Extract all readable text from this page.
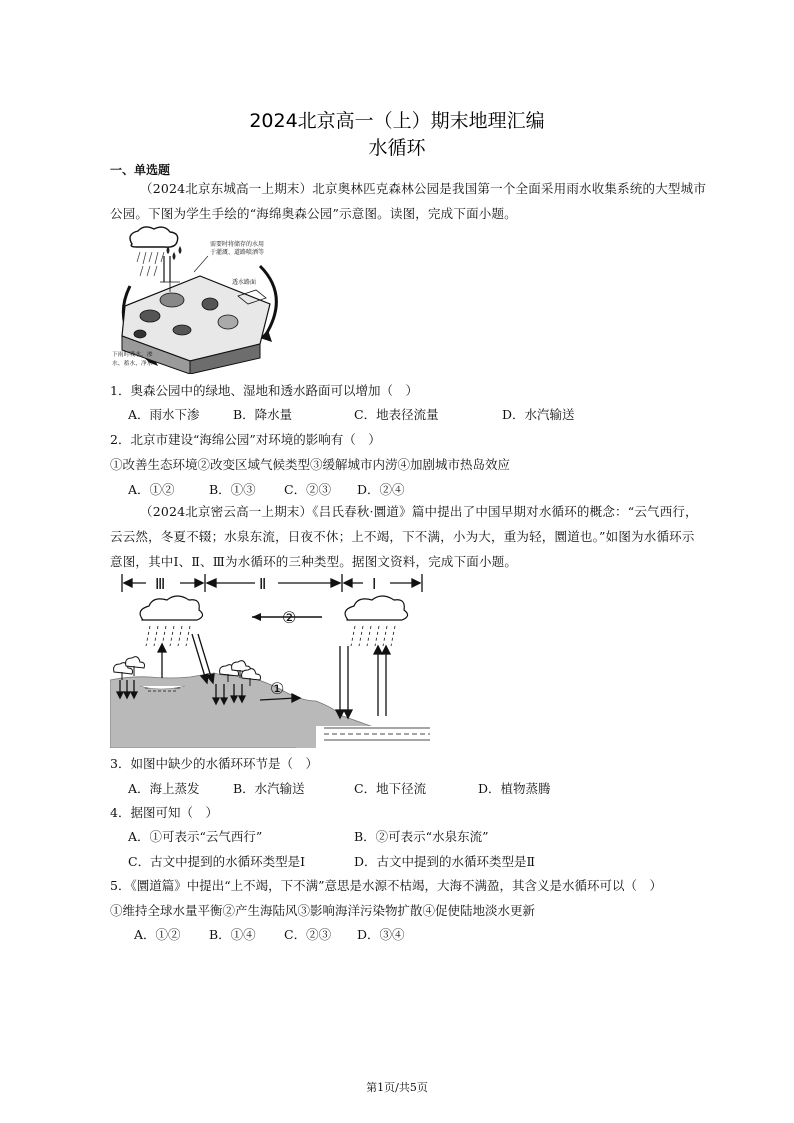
2024北京高一（上）期末地理汇编
水循环
一、单选题
（2024北京东城高一上期末）北京奥林匹克森林公园是我国第一个全面采用雨水收集系统的大型城市
公园。下图为学生手绘的“海绵奥森公园”示意图。读图，完成下面小题。
需要时将储存的水用
于灌溉、道路喷洒等
透水路面
下雨时吸水、渗
水、蓄水、净水
1．奥森公园中的绿地、湿地和透水路面可以增加（　）
A．雨水下渗	B．降水量	C．地表径流量	D．水汽输送
2．北京市建设“海绵公园”对环境的影响有（　）
①改善生态环境②改变区域气候类型③缓解城市内涝④加剧城市热岛效应
A．①②	B．①③ C．②③ D．②④
（2024北京密云高一上期末）《吕氏春秋·圜道》篇中提出了中国早期对水循环的概念：“云气西行，
云云然，冬夏不辍；水泉东流，日夜不休；上不竭，下不满，小为大，重为轻，圜道也。”如图为水循环示
意图，其中Ⅰ、Ⅱ、Ⅲ为水循环的三种类型。据图文资料，完成下面小题。
Ⅲ	Ⅱ	Ⅰ
②
①
3．如图中缺少的水循环环节是（　）
A．海上蒸发	B．水汽输送	C．地下径流	D．植物蒸腾
4．据图可知（　）
A．①可表示“云气西行”	B．②可表示“水泉东流”
C．古文中提到的水循环类型是Ⅰ	D．古文中提到的水循环类型是Ⅱ
5．《圜道篇》中提出“上不竭，下不满”意思是水源不枯竭，大海不满盈，其含义是水循环可以（　）
①维持全球水量平衡②产生海陆风③影响海洋污染物扩散④促使陆地淡水更新
A．①② B．①④ C．②③ D．③④
第1页/共5页
